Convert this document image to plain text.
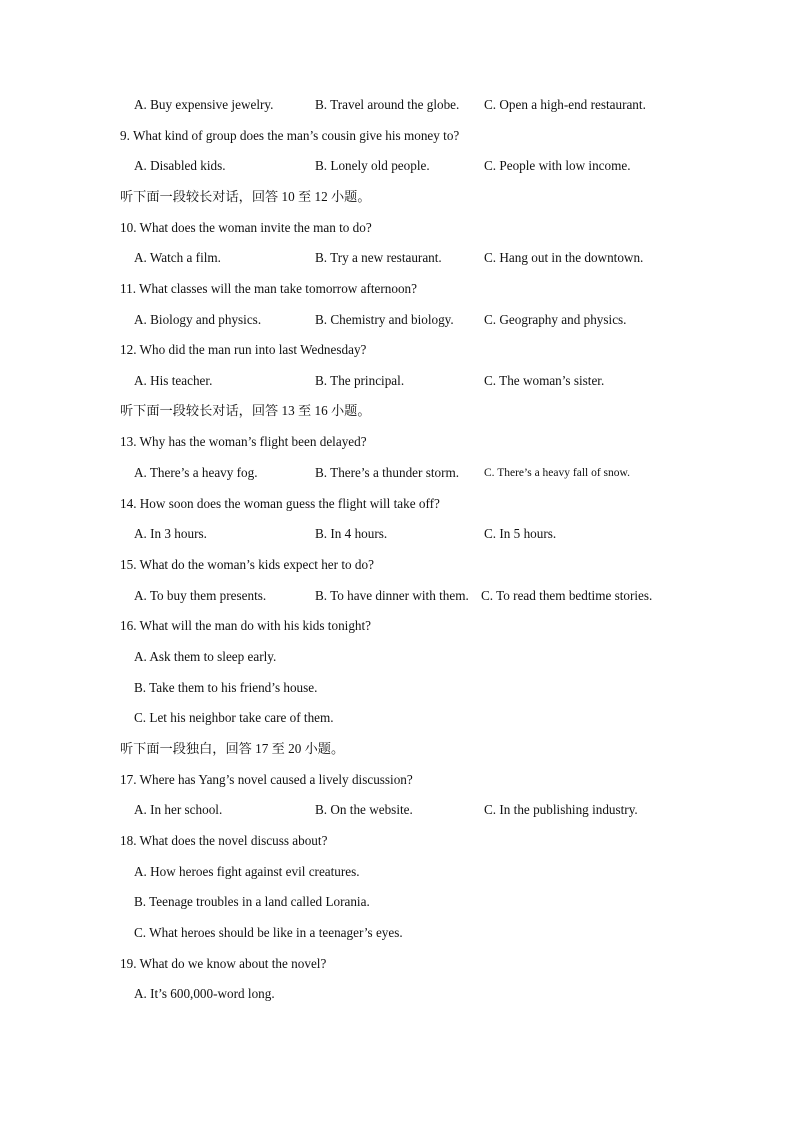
A. Buy expensive jewelry.	B. Travel around the globe. C. Open a high-end restaurant.
9. What kind of group does the man’s cousin give his money to?
A. Disabled kids.	B. Lonely old people.	C. People with low income.
听下面一段较长对话，回答 10 至 12 小题。
10. What does the woman invite the man to do?
A. Watch a film.	B. Try a new restaurant.	C. Hang out in the downtown.
11. What classes will the man take tomorrow afternoon?
A. Biology and physics.	B. Chemistry and biology. C. Geography and physics.
12. Who did the man run into last Wednesday?
A. His teacher.	B. The principal.	C. The woman’s sister.
听下面一段较长对话，回答 13 至 16 小题。
13. Why has the woman’s flight been delayed?
A. There’s a heavy fog.	B. There’s a thunder storm. C. There’s a heavy fall of snow.
14. How soon does the woman guess the flight will take off?
A. In 3 hours.	B. In 4 hours.	C. In 5 hours.
15. What do the woman’s kids expect her to do?
A. To buy them presents.	B. To have dinner with them. C. To read them bedtime stories.
16. What will the man do with his kids tonight?
A. Ask them to sleep early.
B. Take them to his friend’s house.
C. Let his neighbor take care of them.
听下面一段独白，回答 17 至 20 小题。
17. Where has Yang’s novel caused a lively discussion?
A. In her school.	B. On the website.	C. In the publishing industry.
18. What does the novel discuss about?
A. How heroes fight against evil creatures.
B. Teenage troubles in a land called Lorania.
C. What heroes should be like in a teenager’s eyes.
19. What do we know about the novel?
A. It’s 600,000-word long.
